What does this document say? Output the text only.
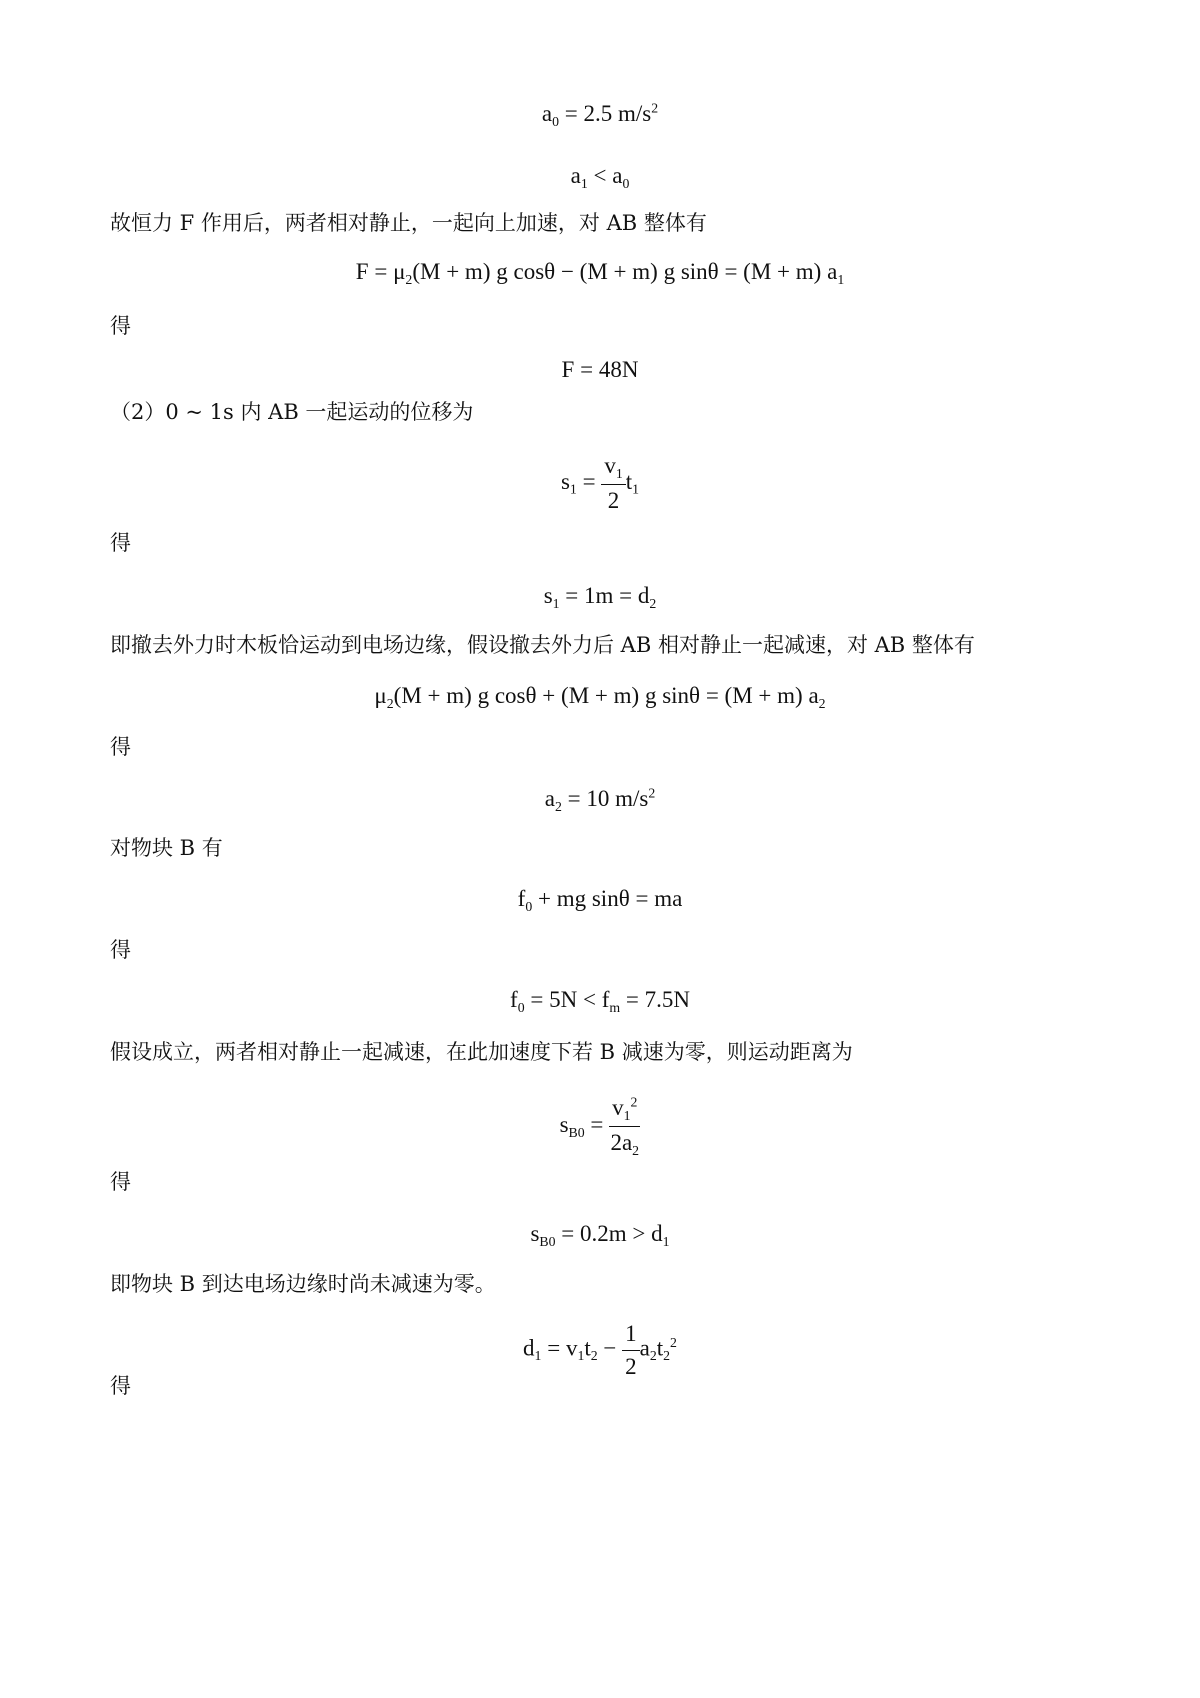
$a_0 = 2.5$ $m/s^2$
$a_1 < a_0$
故恒力 F 作用后，两者相对静止，一起向上加速，对 AB 整体有
$F = \mu_2(M + m)$ g cosθ − (M + m) g sinθ = (M + m) $a_1$
得
F = 48N
（2）0 ~ 1s 内 AB 一起运动的位移为
$s_1 = \frac{v_1}{2} t_1$
得
$s_1 = 1m = d_2$
即撤去外力时木板恰运动到电场边缘，假设撤去外力后 AB 相对静止一起减速，对 AB 整体有
$\mu_2(M + m)$ g cosθ + (M + m) g sinθ = (M + m) $a_2$
得
$a_2 = 10$ $m/s^2$
对物块 B 有
$f_0$ + mg sinθ = ma
得
$f_0 = 5N < f_m = 7.5N$
假设成立，两者相对静止一起减速，在此加速度下若 B 减速为零，则运动距离为
$s_{B0} = \frac{v_1^2}{2a_2}$
得
$s_{B0} = 0.2m > d_1$
即物块 B 到达电场边缘时尚未减速为零。
$d_1 = v_1t_2 - \frac{1}{2} a_2t_2^2$
得
